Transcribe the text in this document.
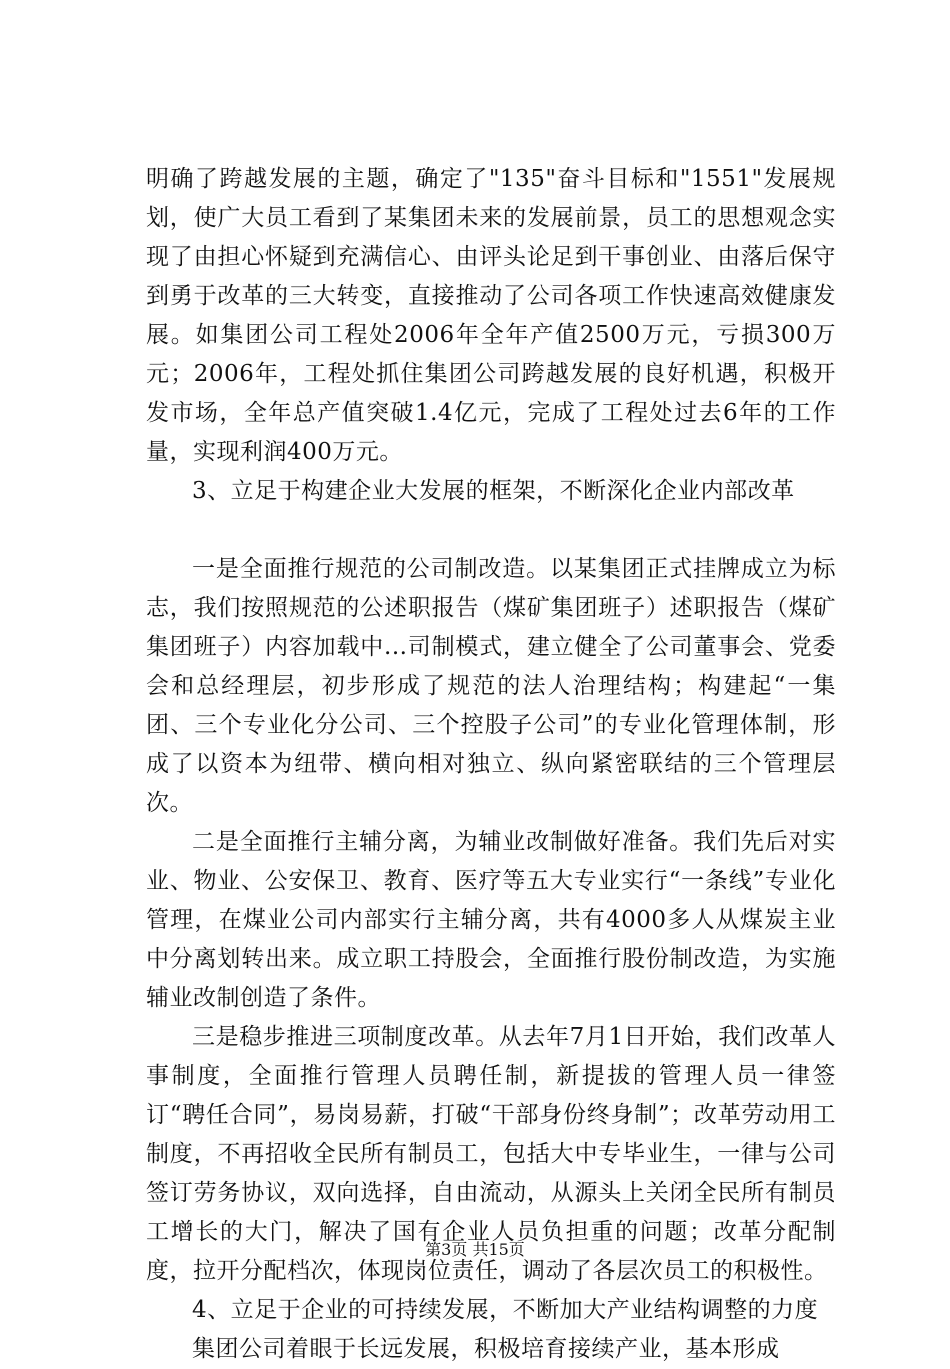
明确了跨越发展的主题，确定了"135"奋斗目标和"1551"发展规划，使广大员工看到了某集团未来的发展前景，员工的思想观念实现了由担心怀疑到充满信心、由评头论足到干事创业、由落后保守到勇于改革的三大转变，直接推动了公司各项工作快速高效健康发展。如集团公司工程处2006年全年产值2500万元，亏损300万元；2006年，工程处抓住集团公司跨越发展的良好机遇，积极开发市场，全年总产值突破1.4亿元，完成了工程处过去6年的工作量，实现利润400万元。

3、立足于构建企业大发展的框架，不断深化企业内部改革

一是全面推行规范的公司制改造。以某集团正式挂牌成立为标志，我们按照规范的公述职报告（煤矿集团班子）述职报告（煤矿集团班子）内容加载中...司制模式，建立健全了公司董事会、党委会和总经理层，初步形成了规范的法人治理结构；构建起“一集团、三个专业化分公司、三个控股子公司”的专业化管理体制，形成了以资本为纽带、横向相对独立、纵向紧密联结的三个管理层次。

二是全面推行主辅分离，为辅业改制做好准备。我们先后对实业、物业、公安保卫、教育、医疗等五大专业实行“一条线”专业化管理，在煤业公司内部实行主辅分离，共有4000多人从煤炭主业中分离划转出来。成立职工持股会，全面推行股份制改造，为实施辅业改制创造了条件。

三是稳步推进三项制度改革。从去年7月1日开始，我们改革人事制度，全面推行管理人员聘任制，新提拔的管理人员一律签订“聘任合同”，易岗易薪，打破“干部身份终身制”；改革劳动用工制度，不再招收全民所有制员工，包括大中专毕业生，一律与公司签订劳务协议，双向选择，自由流动，从源头上关闭全民所有制员工增长的大门，解决了国有企业人员负担重的问题；改革分配制度，拉开分配档次，体现岗位责任，调动了各层次员工的积极性。

4、立足于企业的可持续发展，不断加大产业结构调整的力度

集团公司着眼于长远发展，积极培育接续产业，基本形成

第3页 共15页
